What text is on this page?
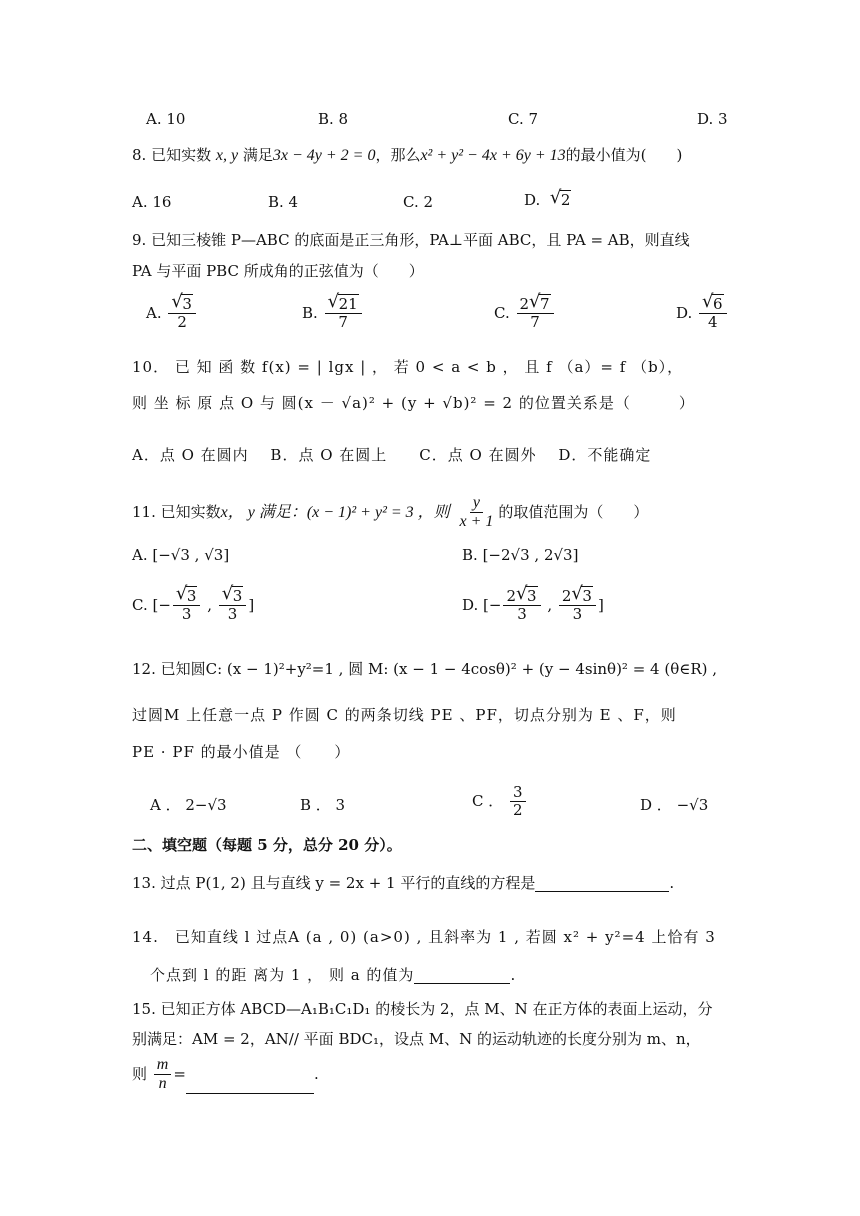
A. 10	B. 8	C. 7	D. 3
8. 已知实数 x, y 满足3x − 4y + 2 = 0，那么x² + y² − 4x + 6y + 13的最小值为(　　)
A. 16	B. 4	C. 2	D. √ 2
9. 已知三棱锥 P—ABC 的底面是正三角形，PA⊥平面 ABC，且 PA = AB，则直线
PA 与平面 PBC 所成角的正弦值为（　　）
A. $\frac{√ 3}{2}$	B. $\frac{√ 21}{7}$	C. $\frac{2 √ 7}{7}$	D. $\frac{√ 6}{4}$
10． 已 知 函 数 f(x) = | lgx | ， 若 0 < a < b ， 且 f （a）= f （b），
则 坐 标 原 点 O 与 圆(x － √a)² + (y + √b)² = 2 的位置关系是（　　　）
A．点 O 在圆内　 B．点 O 在圆上　　C．点 O 在圆外　 D．不能确定
11. 已知实数x， y 满足：(x − 1)² + y² = 3 ，则 $\frac{y}{x + 1}$ 的取值范围为（　　）
A. [−√3 , √3]	B. [−2√3 , 2√3]
C. [− $\frac{√ 3}{3}$ , $\frac{√ 3}{3}$ ]	D. [− $\frac{2 √ 3}{3}$ , $\frac{2 √ 3}{3}$ ]
12. 已知圆C: (x − 1)²+y²=1 , 圆 M: (x − 1 − 4cosθ)² + (y − 4sinθ)² = 4 (θ∈R) ,
过圆M 上任意一点 P 作圆 C 的两条切线 PE 、PF，切点分别为 E 、F，则
PE · PF 的最小值是 （　　）
A ． 2−√3	B ． 3	C ． $\frac{3}{2}$	D ． −√3
二、填空题（每题 5 分，总分 20 分）。
13. 过点 P(1, 2) 且与直线 y = 2x + 1 平行的直线的方程是	.
14.　已知直线 l 过点A (a , 0) (a>0) , 且斜率为 1 , 若圆 x² + y²=4 上恰有 3
个点到 l 的距 离为 1 ， 则 a 的值为	.
15. 已知正方体 ABCD—A₁B₁C₁D₁ 的棱长为 2，点 M、N 在正方体的表面上运动，分
别满足：AM = 2，AN// 平面 BDC₁，设点 M、N 的运动轨迹的长度分别为 m、n，
则 $\frac{m}{n}$ =	.
